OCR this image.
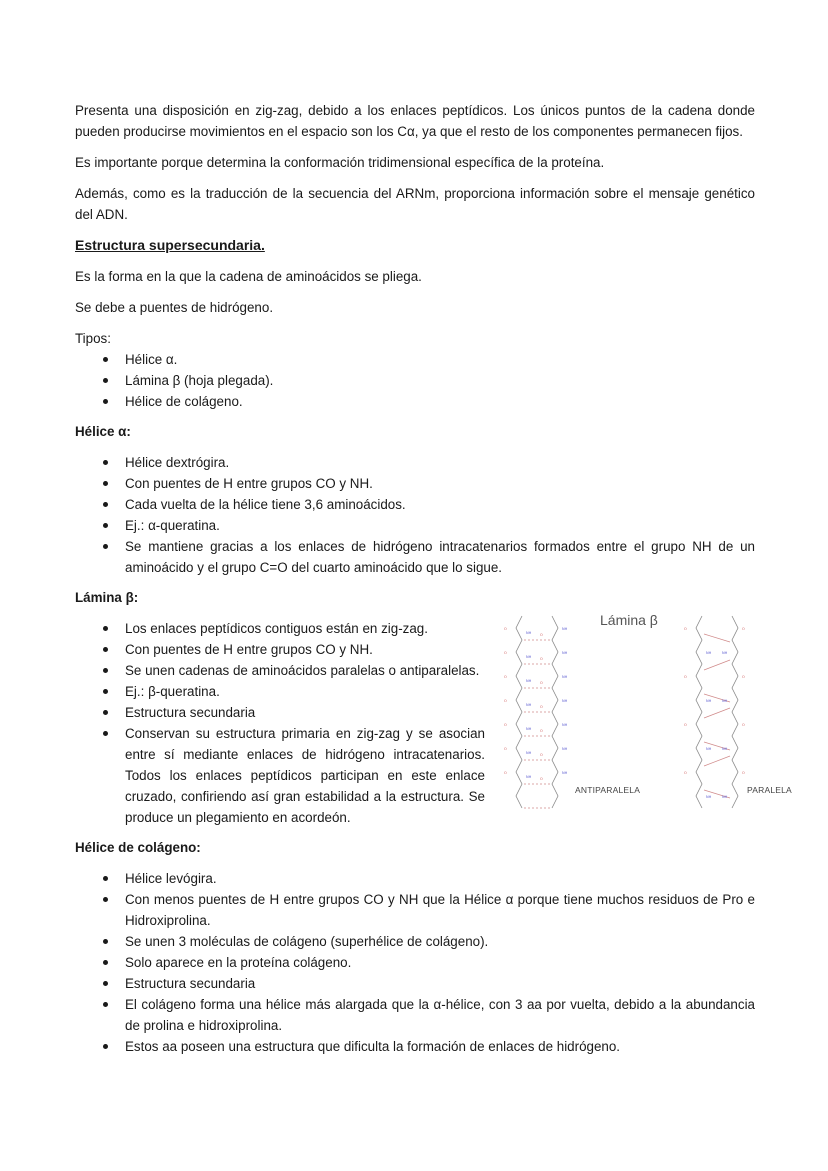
Presenta una disposición en zig-zag, debido a los enlaces peptídicos. Los únicos puntos de la cadena donde pueden producirse movimientos en el espacio son los Cα, ya que el resto de los componentes permanecen fijos.

Es importante porque determina la conformación tridimensional específica de la proteína.

Además, como es la traducción de la secuencia del ARNm, proporciona información sobre el mensaje genético del ADN.

Estructura supersecundaria.

Es la forma en la que la cadena de aminoácidos se pliega.

Se debe a puentes de hidrógeno.

Tipos:

Hélice α.
Lámina β (hoja plegada).
Hélice de colágeno.

Hélice α:

Hélice dextrógira.
Con puentes de H entre grupos CO y NH.
Cada vuelta de la hélice tiene 3,6 aminoácidos.
Ej.: α-queratina.
Se mantiene gracias a los enlaces de hidrógeno intracatenarios formados entre el grupo NH de un aminoácido y el grupo C=O del cuarto aminoácido que lo sigue.

Lámina β:

Los enlaces peptídicos contiguos están en zig-zag.
Con puentes de H entre grupos CO y NH.
Se unen cadenas de aminoácidos paralelas o antiparalelas.
Ej.: β-queratina.
Estructura secundaria
Conservan su estructura primaria en zig-zag y se asocian entre sí mediante enlaces de hidrógeno intracatenarios. Todos los enlaces peptídicos participan en este enlace cruzado, confiriendo así gran estabilidad a la estructura. Se produce un plegamiento en acordeón.
O
NH
O
NH
O
NH
O
NH
O
NH
O
NH
O
NH
NH
O
NH
O
NH
O
NH
O
NH
O
NH
O
NH
O
O
NH
O
NH
O
NH
O
NH
O
NH
O
NH
O
NH
O
NH
Lámina β
ANTIPARALELA	PARALELA

Hélice de colágeno:

Hélice levógira.
Con menos puentes de H entre grupos CO y NH que la Hélice α porque tiene muchos residuos de Pro e Hidroxiprolina.
Se unen 3 moléculas de colágeno (superhélice de colágeno).
Solo aparece en la proteína colágeno.
Estructura secundaria
El colágeno forma una hélice más alargada que la α-hélice, con 3 aa por vuelta, debido a la abundancia de prolina e hidroxiprolina.
Estos aa poseen una estructura que dificulta la formación de enlaces de hidrógeno.
